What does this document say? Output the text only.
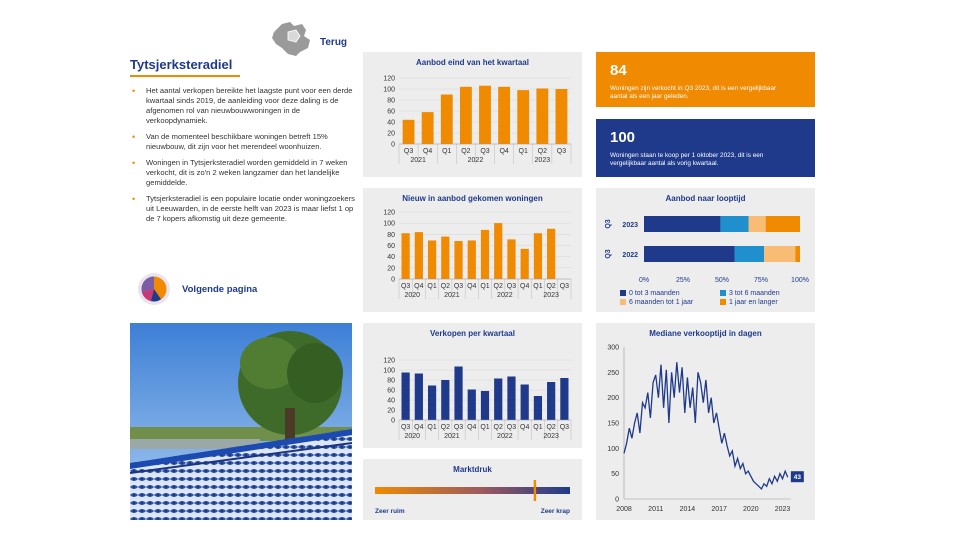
Terug
Tytsjerksteradiel
• Het aantal verkopen bereikte het laagste punt voor een derde kwartaal sinds 2019, de aanleiding voor deze daling is de afgenomen rol van nieuwbouwwoningen in de verkoopdynamiek.
• Van de momenteel beschikbare woningen betreft 15% nieuwbouw, dit zijn voor het merendeel woonhuizen.
• Woningen in Tytsjerksteradiel worden gemiddeld in 7 weken verkocht, dit is zo'n 2 weken langzamer dan het landelijke gemiddelde.
• Tytsjerksteradiel is een populaire locatie onder woningzoekers uit Leeuwarden, in de eerste helft van 2023 is maar liefst 1 op de 7 kopers afkomstig uit deze gemeente.
Volgende pagina
Aanbod eind van het kwartaal
0
20
40
60
80
100
120
Q3 Q4 Q1 Q2 Q3 Q4 Q1 Q2 Q3
2021	2022	2023
Nieuw in aanbod gekomen woningen
0
20
40
60
80
100
120
Q3 Q4 Q1 Q2 Q3 Q4 Q1 Q2 Q3 Q4 Q1 Q2 Q3
2020	2021	2022	2023
Verkopen per kwartaal
0
20
40
60
80
100
120
Q3 Q4 Q1 Q2 Q3 Q4 Q1 Q2 Q3 Q4 Q1 Q2 Q3
2020	2021	2022	2023
Marktdruk
Zeer ruim	Zeer krap
84
Woningen zijn verkocht in Q3 2023, dit is een vergelijkbaar aantal als een jaar geleden.
100
Woningen staan te koop per 1 oktober 2023, dit is een vergelijkbaar aantal als vorig kwartaal.
Aanbod naar looptijd
2023
Q3
2022
Q3
0%	25%	50%	75%	100%
0 tot 3 maanden	3 tot 6 maanden
6 maanden tot 1 jaar	1 jaar en langer
Mediane verkooptijd in dagen
0
50
100
150
200
250
300
2008 2011 2014 2017 2020 2023
43
